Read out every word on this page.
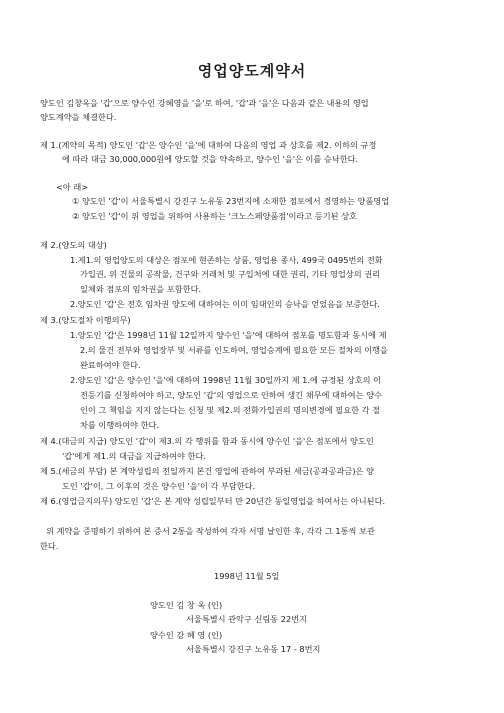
영업양도계약서
양도인 김창옥을 '갑'으로 양수인 강혜영을 '을'로 하여, '갑'과 '을'은 다음과 같은 내용의 영업
양도계약을 체결한다.
제 1.(계약의 목적) 양도인 '갑'은 양수인 '을'에 대하여 다음의 영업 과 상호를 제2. 이하의 규정
에 따라 대금 30,000,000원에 양도할 것을 약속하고, 양수인 '을'은 이를 승낙한다.
<아 래>
① 양도인 '갑'이 서울특별시 강진구 노유동 23번지에 소재한 점포에서 경영하는 양품영업
② 양도인 '갑'이 위 영업을 위하여 사용하는 '크노스페양품점'이라고 등기된 상호
제 2.(양도의 대상)
1.제1.의 영업양도의 대상은 점포에 현존하는 상품, 영업용 종사, 499국 0495번의 전화
가입권, 위 건물의 공작물, 건구와 거래처 및 구입처에 대한 권리, 기타 영업상의 권리
일체와 점포의 임차권을 포함한다.
2.양도인 '갑'은 전호 임차권 양도에 대하여는 이미 임대인의 승낙을 얻었음을 보증한다.
제 3.(양도절차 이행의무)
1.양도인 '갑'은 1998년 11월 12일까지 양수인 '을'에 대하여 점포를 명도함과 동시에 제
2.의 물건 전부와 영업장부 및 서류를 인도하여, 영업승계에 필요한 모든 절차의 이행을
완료하여야 한다.
2.양도인 '갑'은 양수인 '을'에 대하여 1998년 11월 30일까지 제 1.에 규정된 상호의 이
전등기를 신청하여야 하고, 양도인 '갑'의 영업으로 인하여 생긴 채무에 대하여는 양수
인이 그 책임을 지지 않는다는 신청 및 제2.의 전화가입권의 명의변경에 필요한 각 절
차를 이행하여야 한다.
제 4.(대금의 지급) 양도인 '갑'이 제3.의 각 행위를 함과 동시에 양수인 '을'은 점포에서 양도인
'갑'에게 제1.의 대금을 지급하여야 한다.
제 5.(세금의 부담) 본 계약성립의 전일까지 본건 영업에 관하여 부과된 세금(공과공과금)은 양
도인 '갑'이, 그 이후의 것은 양수인 '을'이 각 부담한다.
제 6.(영업금지의무) 양도인 '갑'은 본 계약 성립일부터 만 20년간 동일영업을 하여서는 아니된다.
위 계약을 증명하기 위하여 본 증서 2통을 작성하여 각자 서명 날인한 후, 각각 그 1통씩 보관
한다.
1998년 11월 5일
양도인 김 창 옥 (인)
서울특별시 관악구 신림동 22번지
양수인 강 혜 영 (인)
서울특별시 강진구 노유동 17 - 8번지
